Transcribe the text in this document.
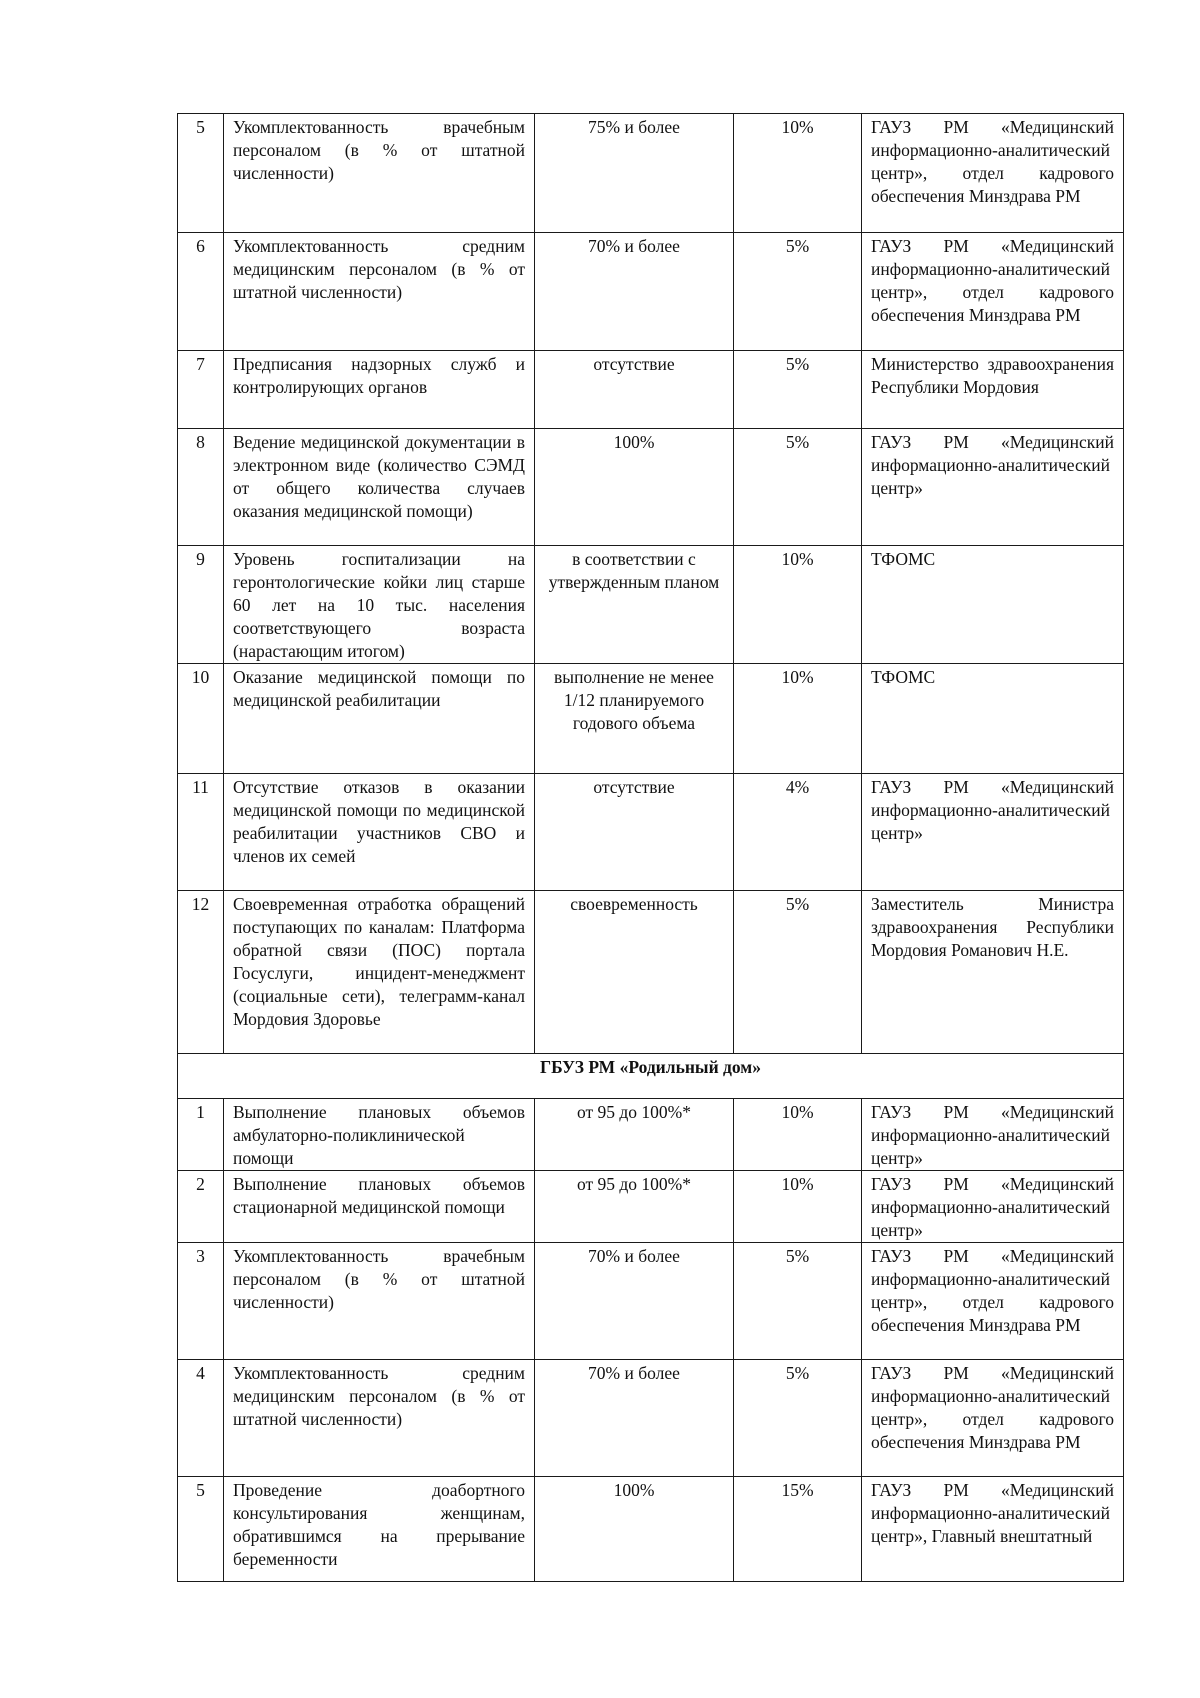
5	Укомплектованность врачебным персоналом (в % от штатной численности)	75% и более	10%	ГАУЗ РМ «Медицинский информационно-аналитический центр», отдел кадрового обеспечения Минздрава РМ
6	Укомплектованность средним медицинским персоналом (в % от штатной численности)	70% и более	5%	ГАУЗ РМ «Медицинский информационно-аналитический центр», отдел кадрового обеспечения Минздрава РМ
7	Предписания надзорных служб и контролирующих органов	отсутствие	5%	Министерство здравоохранения Республики Мордовия
8	Ведение медицинской документации в электронном виде (количество СЭМД от общего количества случаев оказания медицинской помощи)	100%	5%	ГАУЗ РМ «Медицинский информационно-аналитический центр»
9	Уровень госпитализации на геронтологические койки лиц старше 60 лет на 10 тыс. населения соответствующего возраста (нарастающим итогом)	в соответствии с утвержденным планом	10%	ТФОМС
10	Оказание медицинской помощи по медицинской реабилитации	выполнение не менее 1/12 планируемого годового объема	10%	ТФОМС
11	Отсутствие отказов в оказании медицинской помощи по медицинской реабилитации участников СВО и членов их семей	отсутствие	4%	ГАУЗ РМ «Медицинский информационно-аналитический центр»
12	Своевременная отработка обращений поступающих по каналам: Платформа обратной связи (ПОС) портала Госуслуги, инцидент-менеджмент (социальные сети), телеграмм-канал Мордовия Здоровье	своевременность	5%	Заместитель Министра здравоохранения Республики Мордовия Романович Н.Е.
ГБУЗ РМ «Родильный дом»				
1	Выполнение плановых объемов амбулаторно-поликлинической помощи	от 95 до 100%*	10%	ГАУЗ РМ «Медицинский информационно-аналитический центр»
2	Выполнение плановых объемов стационарной медицинской помощи	от 95 до 100%*	10%	ГАУЗ РМ «Медицинский информационно-аналитический центр»
3	Укомплектованность врачебным персоналом (в % от штатной численности)	70% и более	5%	ГАУЗ РМ «Медицинский информационно-аналитический центр», отдел кадрового обеспечения Минздрава РМ
4	Укомплектованность средним медицинским персоналом (в % от штатной численности)	70% и более	5%	ГАУЗ РМ «Медицинский информационно-аналитический центр», отдел кадрового обеспечения Минздрава РМ
5	Проведение доабортного консультирования женщинам, обратившимся на прерывание беременности	100%	15%	ГАУЗ РМ «Медицинский информационно-аналитический центр», Главный внештатный
